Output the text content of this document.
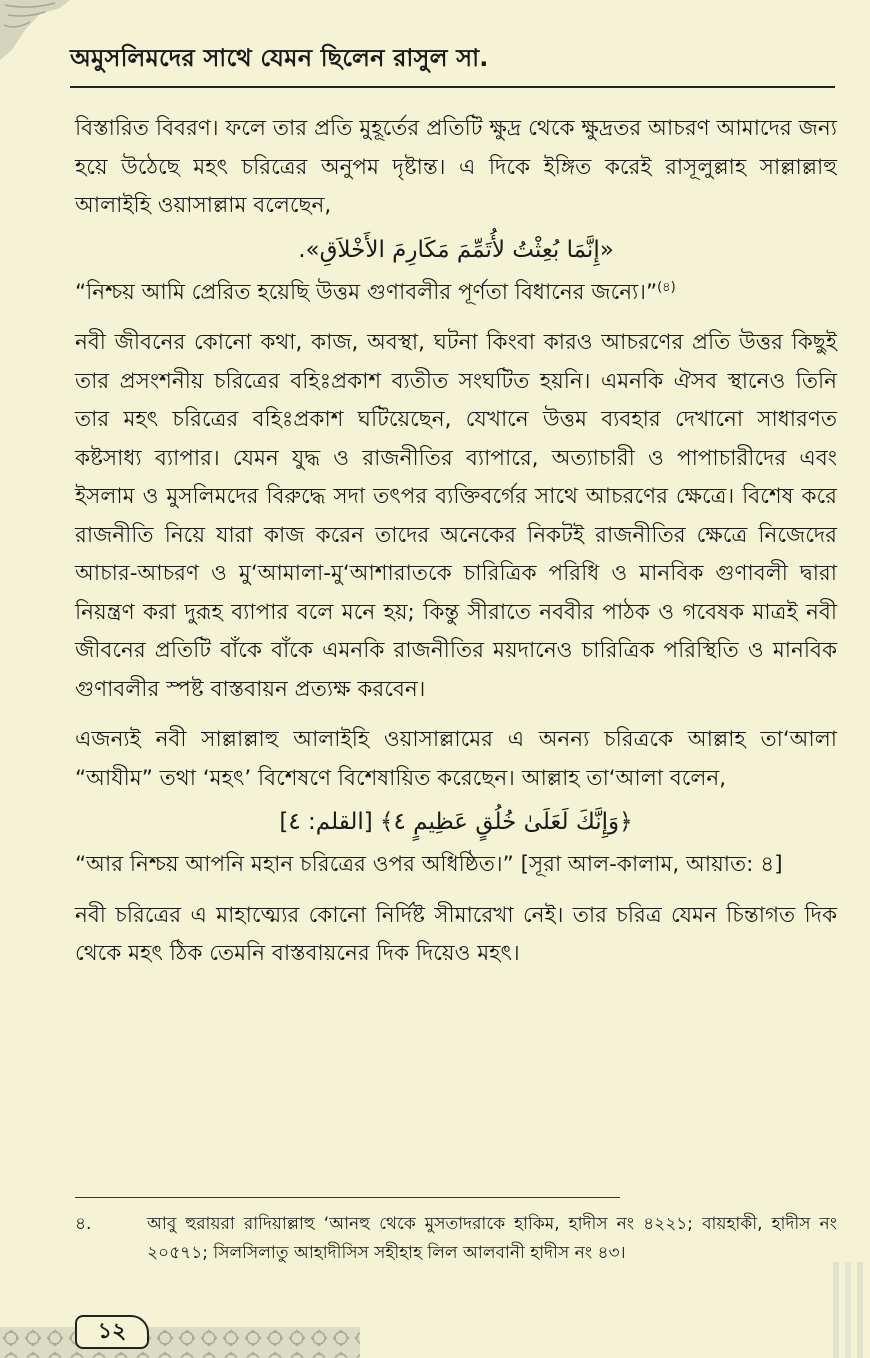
অমুসলিমদের সাথে যেমন ছিলেন রাসুল সা.

বিস্তারিত বিবরণ। ফলে তার প্রতি মুহূর্তের প্রতিটি ক্ষুদ্র থেকে ক্ষুদ্রতর আচরণ আমাদের জন্য হয়ে উঠেছে মহৎ চরিত্রের অনুপম দৃষ্টান্ত। এ দিকে ইঙ্গিত করেই রাসূলুল্লাহ সাল্লাল্লাহু আলাইহি ওয়াসাল্লাম বলেছেন,

«إِنَّمَا بُعِثْتُ لأُتَمِّمَ مَكَارِمَ الأَخْلاَقِ».

“নিশ্চয় আমি প্রেরিত হয়েছি উত্তম গুণাবলীর পূর্ণতা বিধানের জন্যে।”$^{(৪)}$

নবী জীবনের কোনো কথা, কাজ, অবস্থা, ঘটনা কিংবা কারও আচরণের প্রতি উত্তর কিছুই তার প্রসংশনীয় চরিত্রের বহিঃপ্রকাশ ব্যতীত সংঘটিত হয়নি। এমনকি ঐসব স্থানেও তিনি তার মহৎ চরিত্রের বহিঃপ্রকাশ ঘটিয়েছেন, যেখানে উত্তম ব্যবহার দেখানো সাধারণত কষ্টসাধ্য ব্যাপার। যেমন যুদ্ধ ও রাজনীতির ব্যাপারে, অত্যাচারী ও পাপাচারীদের এবং ইসলাম ও মুসলিমদের বিরুদ্ধে সদা তৎপর ব্যক্তিবর্গের সাথে আচরণের ক্ষেত্রে। বিশেষ করে রাজনীতি নিয়ে যারা কাজ করেন তাদের অনেকের নিকটই রাজনীতির ক্ষেত্রে নিজেদের আচার-আচরণ ও মু‘আমালা-মু‘আশারাতকে চারিত্রিক পরিধি ও মানবিক গুণাবলী দ্বারা নিয়ন্ত্রণ করা দুরূহ ব্যাপার বলে মনে হয়; কিন্তু সীরাতে নববীর পাঠক ও গবেষক মাত্রই নবী জীবনের প্রতিটি বাঁকে বাঁকে এমনকি রাজনীতির ময়দানেও চারিত্রিক পরিস্থিতি ও মানবিক গুণাবলীর স্পষ্ট বাস্তবায়ন প্রত্যক্ষ করবেন।

এজন্যই নবী সাল্লাল্লাহু আলাইহি ওয়াসাল্লামের এ অনন্য চরিত্রকে আল্লাহ তা‘আলা “আযীম” তথা ‘মহৎ’ বিশেষণে বিশেষায়িত করেছেন। আল্লাহ তা‘আলা বলেন,

﴿وَإِنَّكَ لَعَلَىٰ خُلُقٍ عَظِيمٍ ٤﴾ [القلم: ٤]

“আর নিশ্চয় আপনি মহান চরিত্রের ওপর অধিষ্ঠিত।” [সূরা আল-কালাম, আয়াত: ৪]

নবী চরিত্রের এ মাহাত্ম্যের কোনো নির্দিষ্ট সীমারেখা নেই। তার চরিত্র যেমন চিন্তাগত দিক থেকে মহৎ ঠিক তেমনি বাস্তবায়নের দিক দিয়েও মহৎ।

৪.	আবু হুরায়রা রাদিয়াল্লাহু ‘আনহু থেকে মুসতাদরাকে হাকিম, হাদীস নং ৪২২১; বায়হাকী, হাদীস নং ২০৫৭১; সিলসিলাতু আহাদীসিস সহীহাহ লিল আলবানী হাদীস নং ৪৩।
১২
